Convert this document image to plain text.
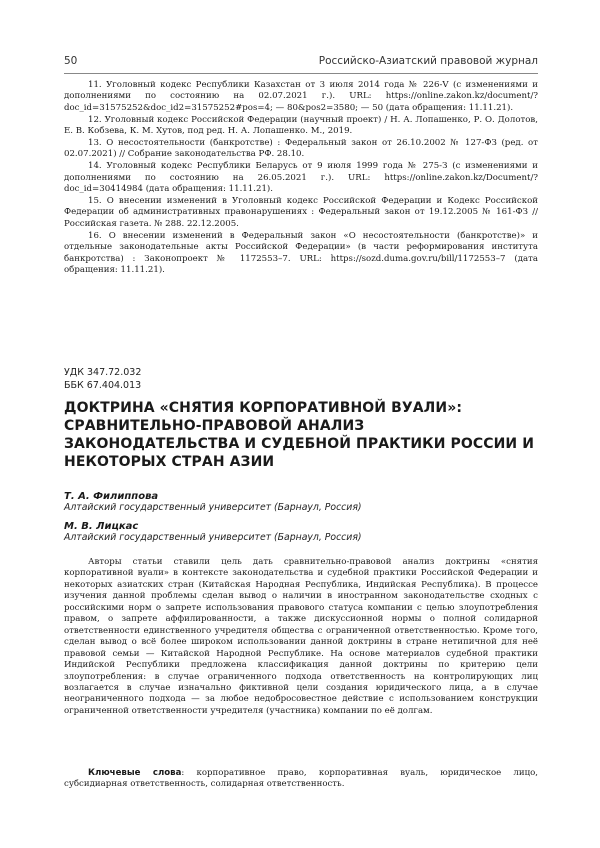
50	Российско-Азиатский правовой журнал

11. Уголовный кодекс Республики Казахстан от 3 июля 2014 года № 226-V (с изменениями и дополнениями по состоянию на 02.07.2021 г.). URL: https://online.zakon.kz/document/?doc_id=31575252&doc_id2=31575252#pos=4; — 80&pos2=3580; — 50 (дата обращения: 11.11.21).

12. Уголовный кодекс Российской Федерации (научный проект) / Н. А. Лопашенко, Р. О. Долотов, Е. В. Кобзева, К. М. Хутов, под ред. Н. А. Лопашенко. М., 2019.

13. О несостоятельности (банкротстве) : Федеральный закон от 26.10.2002 № 127-ФЗ (ред. от 02.07.2021) // Собрание законодательства РФ. 28.10.

14. Уголовный кодекс Республики Беларусь от 9 июля 1999 года № 275-З (с изменениями и дополнениями по состоянию на 26.05.2021 г.). URL: https://online.zakon.kz/Document/?doc_id=30414984 (дата обращения: 11.11.21).

15. О внесении изменений в Уголовный кодекс Российской Федерации и Кодекс Российской Федерации об административных правонарушениях : Федеральный закон от 19.12.2005 № 161-ФЗ // Российская газета. № 288. 22.12.2005.

16. О внесении изменений в Федеральный закон «О несостоятельности (банкротстве)» и отдельные законодательные акты Российской Федерации» (в части реформирования института банкротства) : Законопроект № 1172553–7. URL: https://sozd.duma.gov.ru/bill/1172553–7 (дата обращения: 11.11.21).

УДК 347.72.032
ББК 67.404.013
ДОКТРИНА «СНЯТИЯ КОРПОРАТИВНОЙ ВУАЛИ»: СРАВНИТЕЛЬНО-ПРАВОВОЙ АНАЛИЗ ЗАКОНОДАТЕЛЬСТВА И СУДЕБНОЙ ПРАКТИКИ РОССИИ И НЕКОТОРЫХ СТРАН АЗИИ
Т. А. Филиппова
Алтайский государственный университет (Барнаул, Россия)
М. В. Лицкас
Алтайский государственный университет (Барнаул, Россия)

Авторы статьи ставили цель дать сравнительно-правовой анализ доктрины «снятия корпоративной вуали» в контексте законодательства и судебной практики Российской Федерации и некоторых азиатских стран (Китайская Народная Республика, Индийская Республика). В процессе изучения данной проблемы сделан вывод о наличии в иностранном законодательстве сходных с российскими норм о запрете использования правового статуса компании с целью злоупотребления правом, о запрете аффилированности, а также дискуссионной нормы о полной солидарной ответственности единственного учредителя общества с ограниченной ответственностью. Кроме того, сделан вывод о всё более широком использовании данной доктрины в стране нетипичной для неё правовой семьи — Китайской Народной Республике. На основе материалов судебной практики Индийской Республики предложена классификация данной доктрины по критерию цели злоупотребления: в случае ограниченного подхода ответственность на контролирующих лиц возлагается в случае изначально фиктивной цели создания юридического лица, а в случае неограниченного подхода — за любое недобросовестное действие с использованием конструкции ограниченной ответственности учредителя (участника) компании по её долгам.

Ключевые слова: корпоративное право, корпоративная вуаль, юридическое лицо, субсидиарная ответственность, солидарная ответственность.
